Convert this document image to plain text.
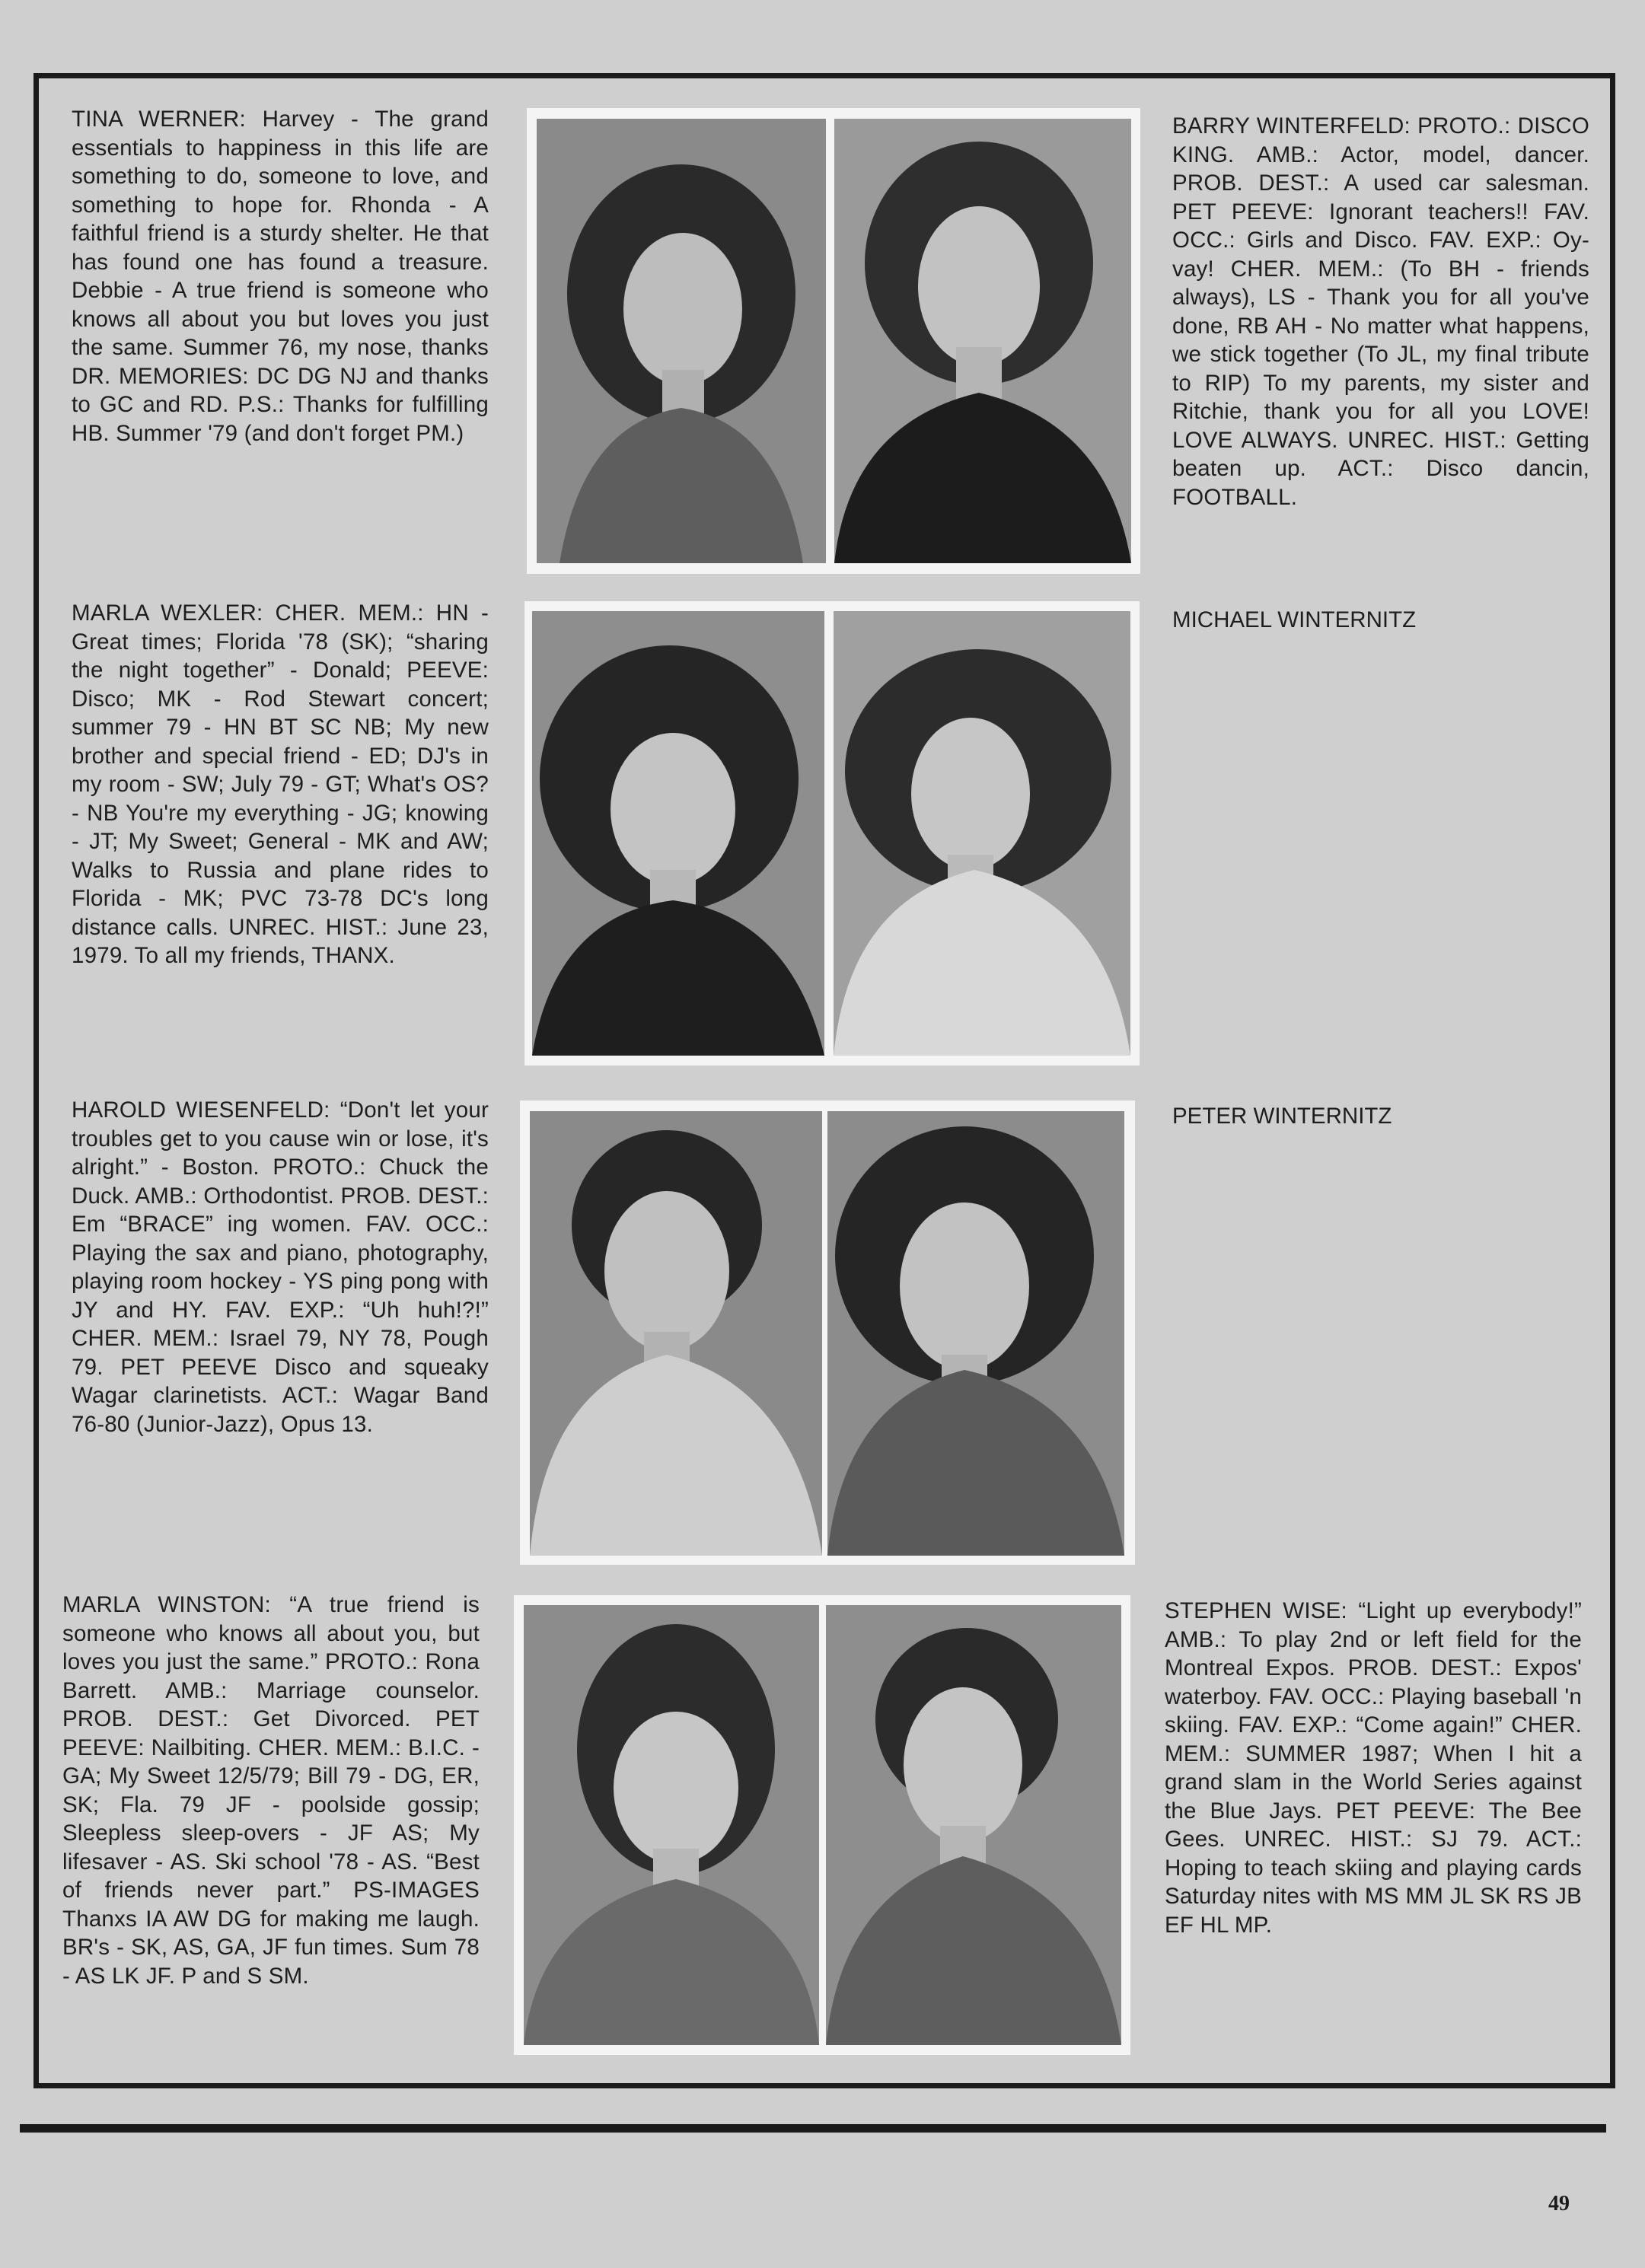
TINA WERNER: Harvey - The grand essentials to happiness in this life are something to do, someone to love, and something to hope for. Rhonda - A faithful friend is a sturdy shelter. He that has found one has found a treasure. Debbie - A true friend is someone who knows all about you but loves you just the same. Summer 76, my nose, thanks DR. MEMORIES: DC DG NJ and thanks to GC and RD. P.S.: Thanks for fulfilling HB. Summer '79 (and don't forget PM.)

BARRY WINTERFELD: PROTO.: DISCO KING. AMB.: Actor, model, dancer. PROB. DEST.: A used car salesman. PET PEEVE: Ignorant teachers!! FAV. OCC.: Girls and Disco. FAV. EXP.: Oy-vay! CHER. MEM.: (To BH - friends always), LS - Thank you for all you've done, RB AH - No matter what happens, we stick together (To JL, my final tribute to RIP) To my parents, my sister and Ritchie, thank you for all you LOVE! LOVE ALWAYS. UNREC. HIST.: Getting beaten up. ACT.: Disco dancin, FOOTBALL.

MARLA WEXLER: CHER. MEM.: HN - Great times; Florida '78 (SK); “sharing the night together” - Donald; PEEVE: Disco; MK - Rod Stewart concert; summer 79 - HN BT SC NB; My new brother and special friend - ED; DJ's in my room - SW; July 79 - GT; What's OS? - NB You're my everything - JG; knowing - JT; My Sweet; General - MK and AW; Walks to Russia and plane rides to Florida - MK; PVC 73-78 DC's long distance calls. UNREC. HIST.: June 23, 1979. To all my friends, THANX.

MICHAEL WINTERNITZ

HAROLD WIESENFELD: “Don't let your troubles get to you cause win or lose, it's alright.” - Boston. PROTO.: Chuck the Duck. AMB.: Orthodontist. PROB. DEST.: Em “BRACE” ing women. FAV. OCC.: Playing the sax and piano, photography, playing room hockey - YS ping pong with JY and HY. FAV. EXP.: “Uh huh!?!” CHER. MEM.: Israel 79, NY 78, Pough 79. PET PEEVE Disco and squeaky Wagar clarinetists. ACT.: Wagar Band 76-80 (Junior-Jazz), Opus 13.

PETER WINTERNITZ

MARLA WINSTON: “A true friend is someone who knows all about you, but loves you just the same.” PROTO.: Rona Barrett. AMB.: Marriage counselor. PROB. DEST.: Get Divorced. PET PEEVE: Nailbiting. CHER. MEM.: B.I.C. - GA; My Sweet 12/5/79; Bill 79 - DG, ER, SK; Fla. 79 JF - poolside gossip; Sleepless sleep-overs - JF AS; My lifesaver - AS. Ski school '78 - AS. “Best of friends never part.” PS-IMAGES Thanxs IA AW DG for making me laugh. BR's - SK, AS, GA, JF fun times. Sum 78 - AS LK JF. P and S SM.

STEPHEN WISE: “Light up everybody!” AMB.: To play 2nd or left field for the Montreal Expos. PROB. DEST.: Expos' waterboy. FAV. OCC.: Playing baseball 'n skiing. FAV. EXP.: “Come again!” CHER. MEM.: SUMMER 1987; When I hit a grand slam in the World Series against the Blue Jays. PET PEEVE: The Bee Gees. UNREC. HIST.: SJ 79. ACT.: Hoping to teach skiing and playing cards Saturday nites with MS MM JL SK RS JB EF HL MP.

49
